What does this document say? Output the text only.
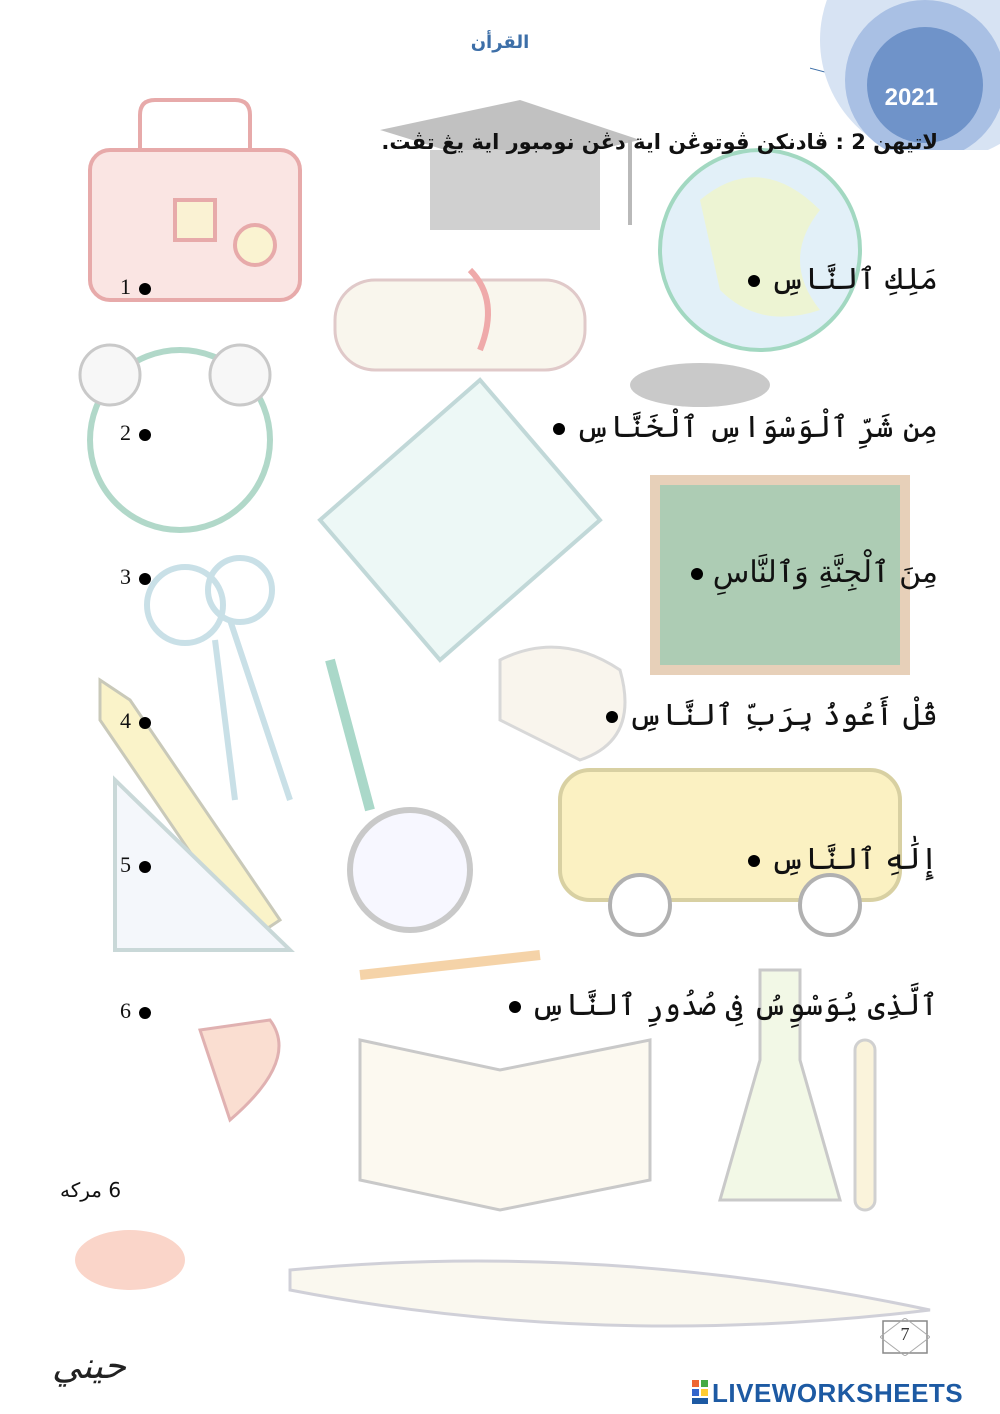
القرأن
2021
لاتيهن 2 : ڤادنكن ڤوتوڠن اية دڠن نومبور اية يڠ تڤت.
مَلِكِ ٱلنَّاسِ
1
مِن شَرِّ ٱلْوَسْوَاسِ ٱلْخَنَّاسِ
2
مِنَ ٱلْجِنَّةِ وَٱلنَّاسِ
3
قُلْ أَعُوذُ بِرَبِّ ٱلنَّاسِ
4
إِلَٰهِ ٱلنَّاسِ
5
ٱلَّذِى يُوَسْوِسُ فِى صُدُورِ ٱلنَّاسِ
6
6 مركه
7
حيني
LIVEWORKSHEETS
